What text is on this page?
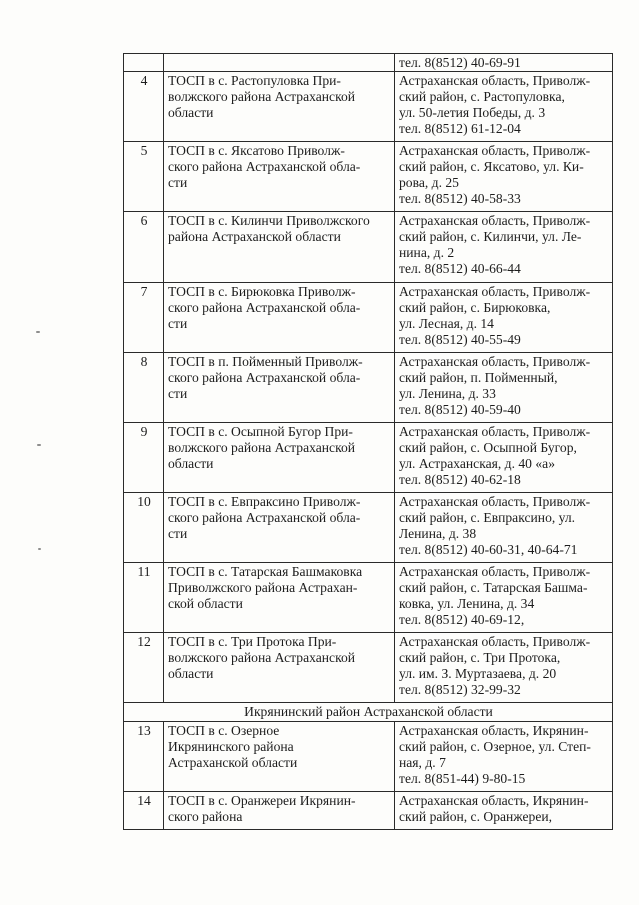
		тел. 8(8512) 40-69-91

4	ТОСП в с. Растопуловка При-
волжского района Астраханской
области	Астраханская область, Приволж-
ский район, с. Растопуловка,
ул. 50-летия Победы, д. 3
тел. 8(8512) 61-12-04

5	ТОСП в с. Яксатово Приволж-
ского района Астраханской обла-
сти	Астраханская область, Приволж-
ский район, с. Яксатово, ул. Ки-
рова, д. 25
тел. 8(8512) 40-58-33

6	ТОСП в с. Килинчи Приволжского
района Астраханской области	Астраханская область, Приволж-
ский район, с. Килинчи, ул. Ле-
нина, д. 2
тел. 8(8512) 40-66-44

7	ТОСП в с. Бирюковка Приволж-
ского района Астраханской обла-
сти	Астраханская область, Приволж-
ский район, с. Бирюковка,
ул. Лесная, д. 14
тел. 8(8512) 40-55-49

8	ТОСП в п. Пойменный Приволж-
ского района Астраханской обла-
сти	Астраханская область, Приволж-
ский район, п. Пойменный,
ул. Ленина, д. 33
тел. 8(8512) 40-59-40

9	ТОСП в с. Осыпной Бугор При-
волжского района Астраханской
области	Астраханская область, Приволж-
ский район, с. Осыпной Бугор,
ул. Астраханская, д. 40 «а»
тел. 8(8512) 40-62-18

10	ТОСП в с. Евпраксино Приволж-
ского района Астраханской обла-
сти	Астраханская область, Приволж-
ский район, с. Евпраксино, ул.
Ленина, д. 38
тел. 8(8512) 40-60-31, 40-64-71

11	ТОСП в с. Татарская Башмаковка
Приволжского района Астрахан-
ской области	Астраханская область, Приволж-
ский район, с. Татарская Башма-
ковка, ул. Ленина, д. 34
тел. 8(8512) 40-69-12,

12	ТОСП в с. Три Протока При-
волжского района Астраханской
области	Астраханская область, Приволж-
ский район, с. Три Протока,
ул. им. З. Муртазаева, д. 20
тел. 8(8512) 32-99-32

Икрянинский район Астраханской области		
13	ТОСП в с. Озерное
Икрянинского района
Астраханской области	Астраханская область, Икрянин-
ский район, с. Озерное, ул. Степ-
ная, д. 7
тел. 8(851-44) 9-80-15

14	ТОСП в с. Оранжереи Икрянин-
ского района	Астраханская область, Икрянин-
ский район, с. Оранжереи,
